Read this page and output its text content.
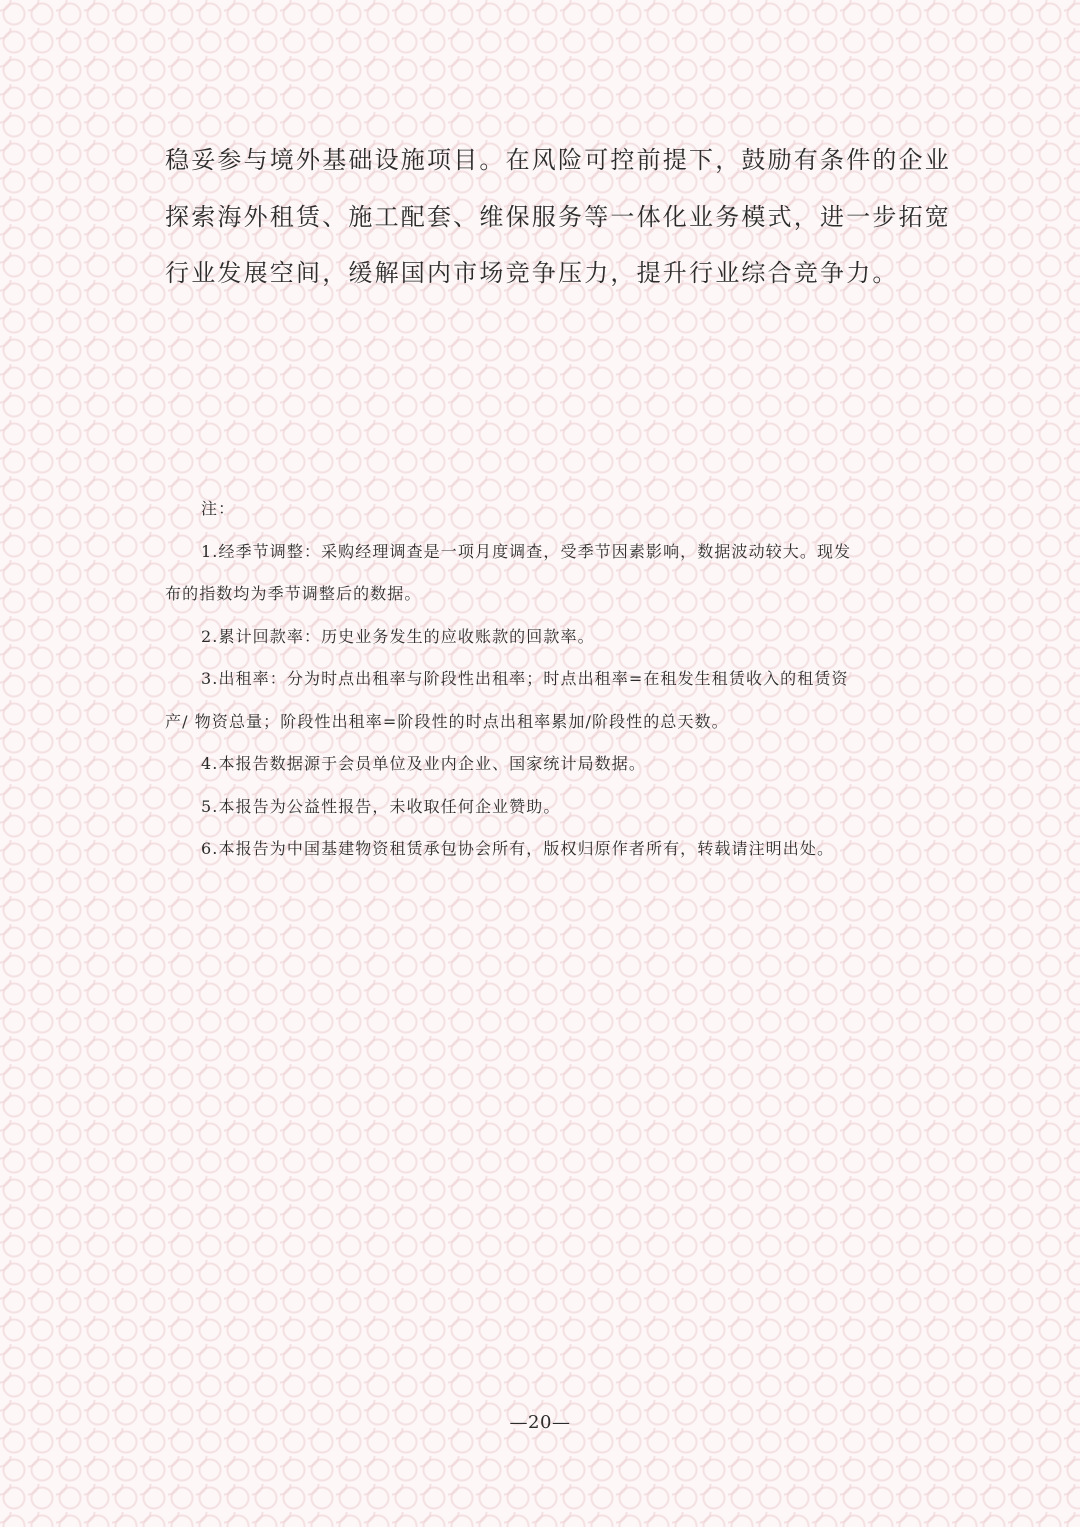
稳妥参与境外基础设施项目。在风险可控前提下，鼓励有条件的企业
探索海外租赁、施工配套、维保服务等一体化业务模式，进一步拓宽
行业发展空间，缓解国内市场竞争压力，提升行业综合竞争力。
注：
1.经季节调整：采购经理调查是一项月度调查，受季节因素影响，数据波动较大。现发
布的指数均为季节调整后的数据。
2.累计回款率：历史业务发生的应收账款的回款率。
3.出租率：分为时点出租率与阶段性出租率；时点出租率=在租发生租赁收入的租赁资
产/ 物资总量；阶段性出租率=阶段性的时点出租率累加/阶段性的总天数。
4.本报告数据源于会员单位及业内企业、国家统计局数据。
5.本报告为公益性报告，未收取任何企业赞助。
6.本报告为中国基建物资租赁承包协会所有，版权归原作者所有，转载请注明出处。
—20—
